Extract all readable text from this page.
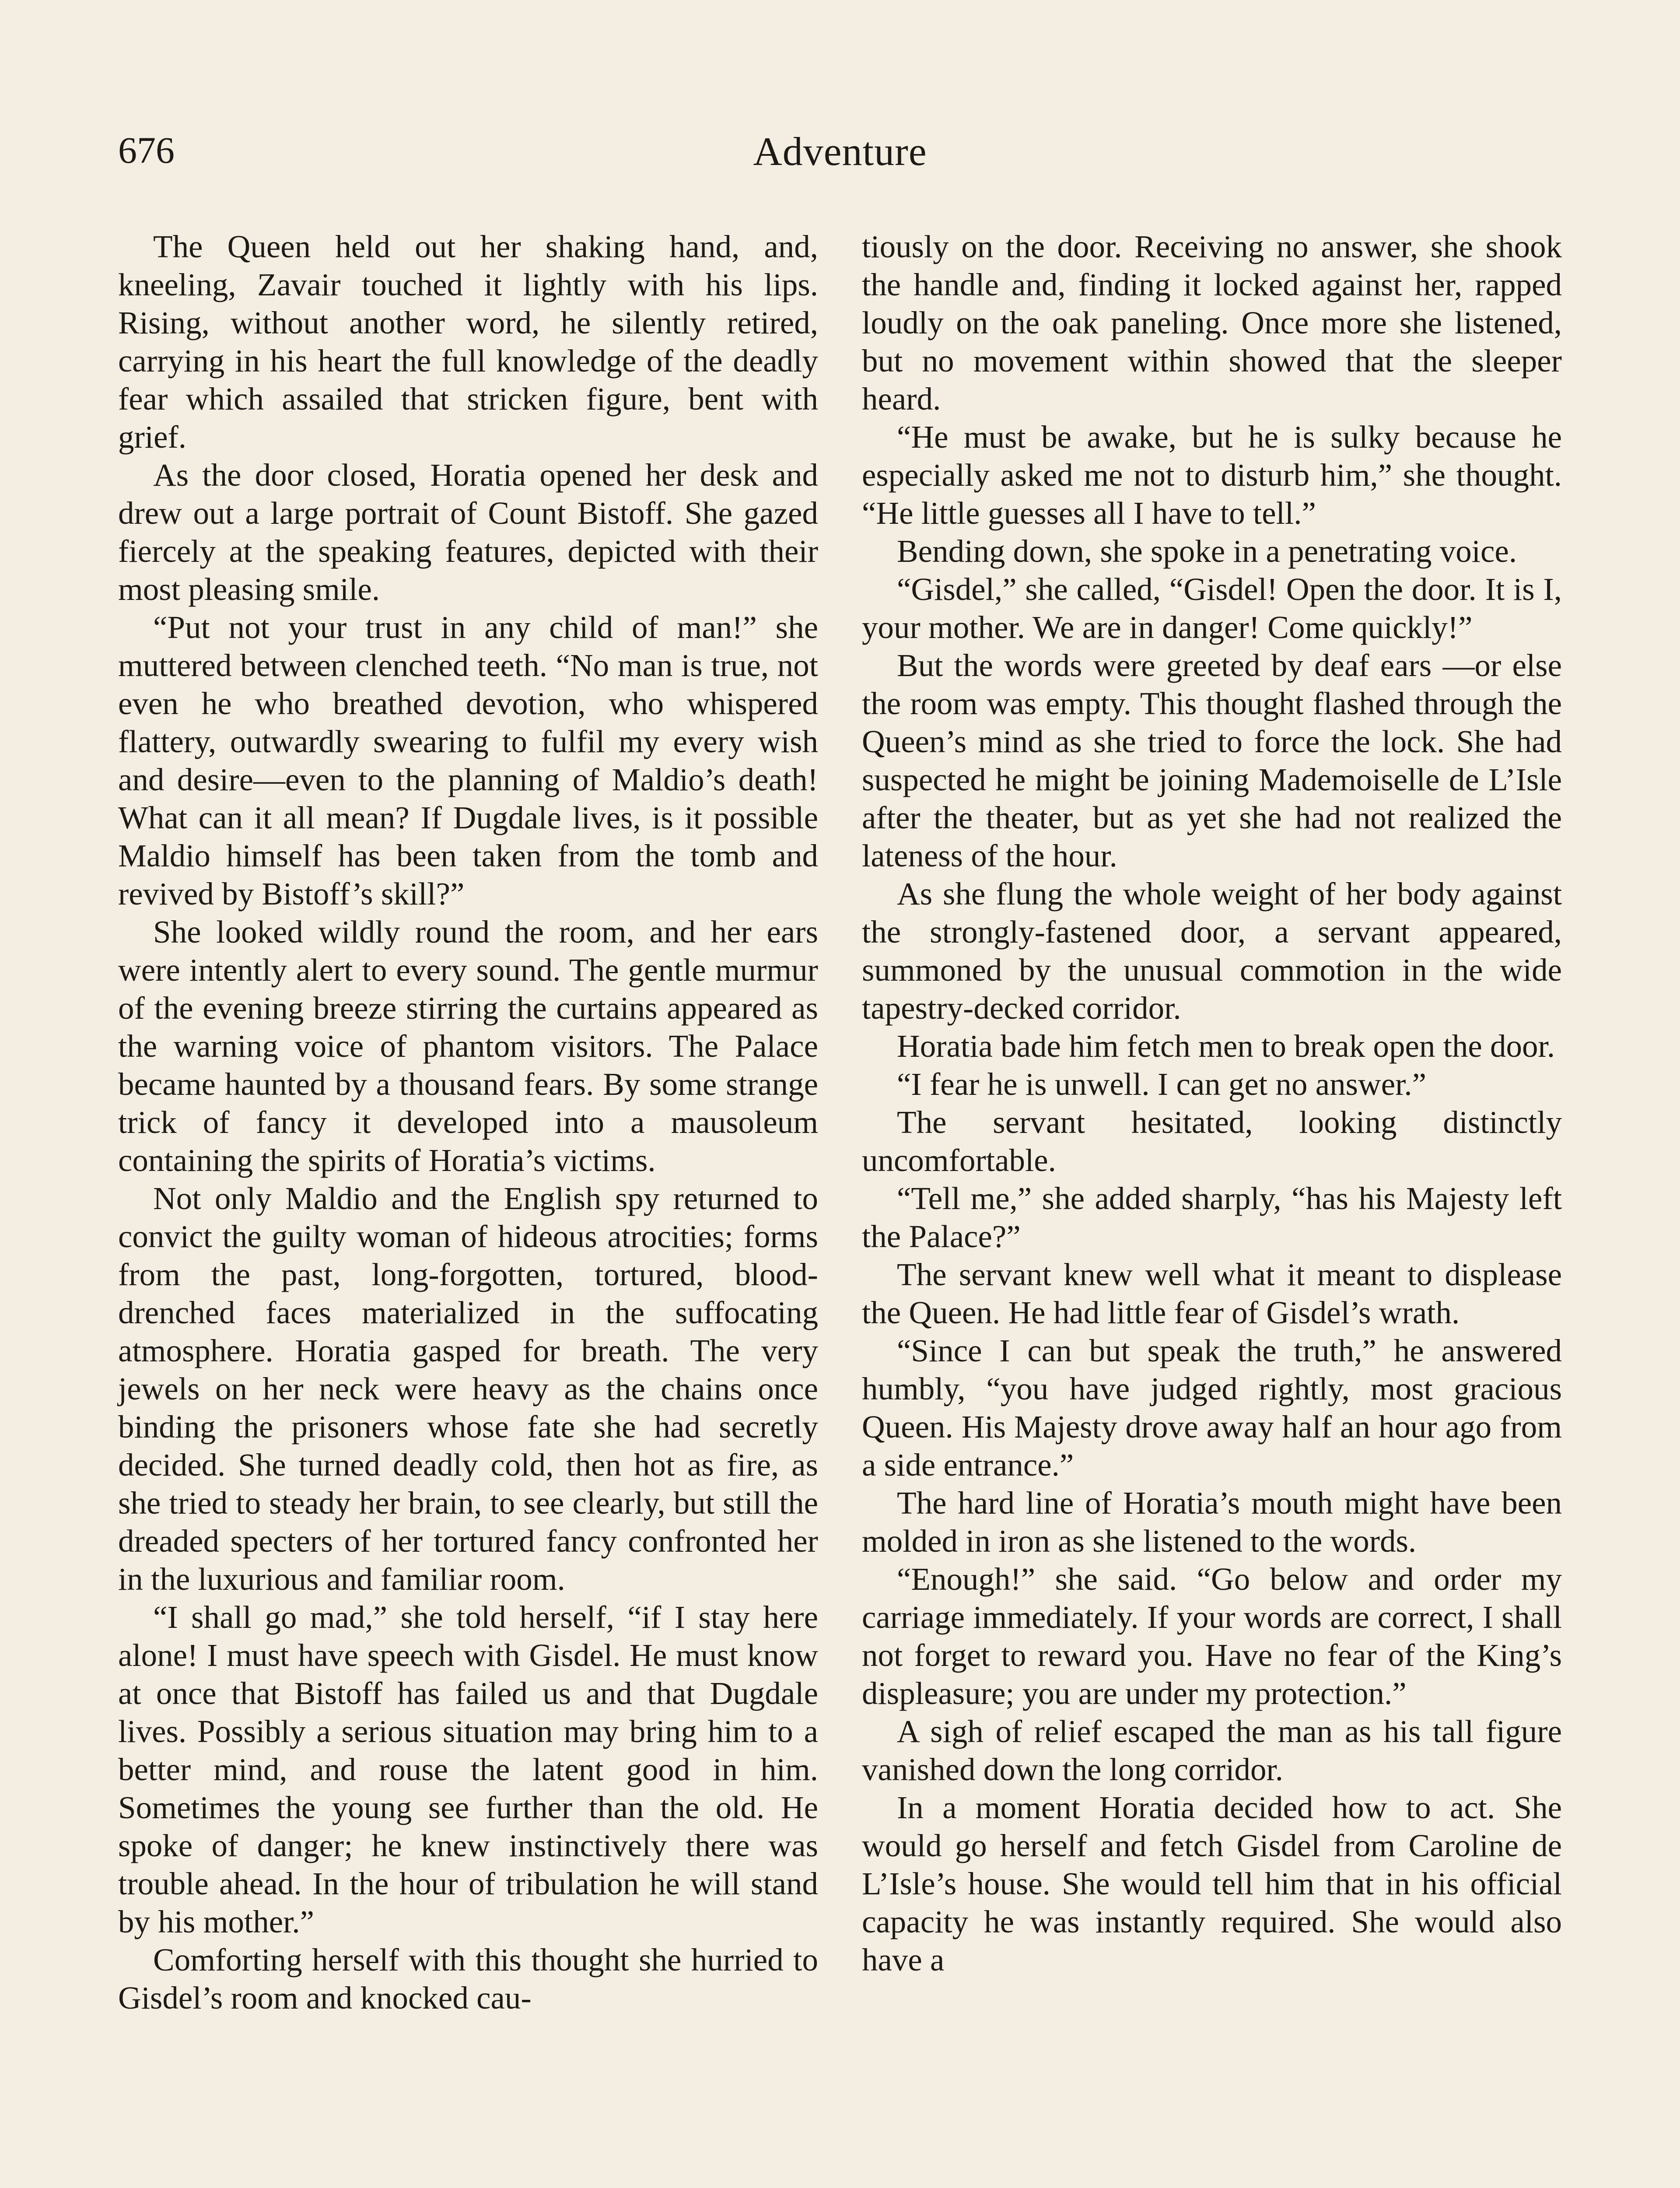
676	Adventure

The Queen held out her shaking hand, and, kneeling, Zavair touched it lightly with his lips. Rising, without another word, he silently retired, carrying in his heart the full knowledge of the deadly fear which assailed that stricken figure, bent with grief.

As the door closed, Horatia opened her desk and drew out a large portrait of Count Bistoff. She gazed fiercely at the speaking features, depicted with their most pleasing smile.

“Put not your trust in any child of man!” she muttered between clenched teeth. “No man is true, not even he who breathed devotion, who whispered flattery, outwardly swearing to fulfil my every wish and desire—even to the planning of Maldio’s death! What can it all mean? If Dugdale lives, is it possible Maldio himself has been taken from the tomb and revived by Bistoff’s skill?”

She looked wildly round the room, and her ears were intently alert to every sound. The gentle murmur of the evening breeze stirring the curtains appeared as the warning voice of phantom visitors. The Palace became haunted by a thousand fears. By some strange trick of fancy it developed into a mausoleum containing the spirits of Horatia’s victims.

Not only Maldio and the English spy returned to convict the guilty woman of hideous atrocities; forms from the past, long-forgotten, tortured, blood-drenched faces materialized in the suffocating atmosphere. Horatia gasped for breath. The very jewels on her neck were heavy as the chains once binding the prisoners whose fate she had secretly decided. She turned deadly cold, then hot as fire, as she tried to steady her brain, to see clearly, but still the dreaded specters of her tortured fancy confronted her in the luxurious and familiar room.

“I shall go mad,” she told herself, “if I stay here alone! I must have speech with Gisdel. He must know at once that Bistoff has failed us and that Dugdale lives. Possibly a serious situation may bring him to a better mind, and rouse the latent good in him. Sometimes the young see further than the old. He spoke of danger; he knew instinctively there was trouble ahead. In the hour of tribulation he will stand by his mother.”

Comforting herself with this thought she hurried to Gisdel’s room and knocked cau-

tiously on the door. Receiving no answer, she shook the handle and, finding it locked against her, rapped loudly on the oak paneling. Once more she listened, but no movement within showed that the sleeper heard.

“He must be awake, but he is sulky because he especially asked me not to disturb him,” she thought. “He little guesses all I have to tell.”

Bending down, she spoke in a penetrating voice.

“Gisdel,” she called, “Gisdel! Open the door. It is I, your mother. We are in danger! Come quickly!”

But the words were greeted by deaf ears —or else the room was empty. This thought flashed through the Queen’s mind as she tried to force the lock. She had suspected he might be joining Mademoiselle de L’Isle after the theater, but as yet she had not realized the lateness of the hour.

As she flung the whole weight of her body against the strongly-fastened door, a servant appeared, summoned by the unusual commotion in the wide tapestry-decked corridor.

Horatia bade him fetch men to break open the door.

“I fear he is unwell. I can get no answer.”

The servant hesitated, looking distinctly uncomfortable.

“Tell me,” she added sharply, “has his Majesty left the Palace?”

The servant knew well what it meant to displease the Queen. He had little fear of Gisdel’s wrath.

“Since I can but speak the truth,” he answered humbly, “you have judged rightly, most gracious Queen. His Majesty drove away half an hour ago from a side entrance.”

The hard line of Horatia’s mouth might have been molded in iron as she listened to the words.

“Enough!” she said. “Go below and order my carriage immediately. If your words are correct, I shall not forget to reward you. Have no fear of the King’s displeasure; you are under my protection.”

A sigh of relief escaped the man as his tall figure vanished down the long corridor.

In a moment Horatia decided how to act. She would go herself and fetch Gisdel from Caroline de L’Isle’s house. She would tell him that in his official capacity he was instantly required. She would also have a
